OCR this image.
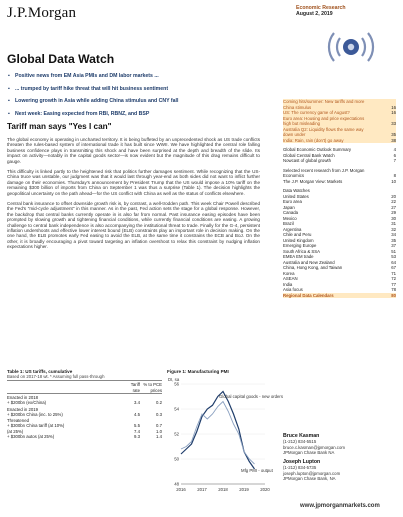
J.P.Morgan	Economic Research
August 2, 2019
Global Data Watch
▪ Positive news from EM Asia PMIs and DM labor markets ...
▪ ... trumped by tariff hike threat that will hit business sentiment
▪ Lowering growth in Asia while adding China stimulus and CNY fall
▪ Next week: Easing expected from RBI, RBNZ, and BSP
Tariff man says "Yes I can"

The global economy is operating in uncharted territory. It is being buffeted by an unprecedented shock as US trade conflicts threaten the rules-based system of international trade it has built since WWII. We have highlighted the central role falling business confidence plays in transmitting this shock and have been surprised at the depth and breadth of the slide. Its impact on activity—notably in the capital goods sector—is now evident but the magnitude of this drag remains difficult to gauge.

This difficulty is linked partly to the heightened risk that politics further damages sentiment. While recognizing that the US-China truce was unstable, our judgment was that it would last through year-end as both sides did not want to inflict further damage on their economies. Thursday's announcement by President Trump that the US would impose a 10% tariff on the remaining $300 billion of imports from China on September 1 was thus a surprise (Table 1). The decision highlights the geopolitical uncertainty on the path ahead—for the US conflict with China as well as the status of conflicts elsewhere.

Central bank insurance to offset downside growth risk is, by contrast, a well-trodden path. This week Chair Powell described the Fed's "mid-cycle adjustment" in this manner. As in the past, Fed action sets the stage for a global response. However, the backdrop that central banks currently operate in is also far from normal. Past insurance easing episodes have been prompted by slowing growth and tightening financial conditions, while currently financial conditions are easing. A growing challenge to central bank independence is also accompanying the institutional threat to trade. Finally for the G-4, persistent inflation undershoots and effective lower interest bound (ELB) constraints play an important role in decision making. On the one hand, the ELB promotes early Fed easing to avoid the ELB, at the same time it constrains the ECB and BoJ. On the other, it is broadly encouraging a pivot toward targeting an inflation overshoot to relax this constraint by nudging inflation expectations higher.

Table 1: US tariffs, cumulative
Based on 2017-18 wt. * Assuming full pass-through
Tariff
rate
% to PCE
prices
Enacted in 2018
+ $200bn (ex/China)	3.4	0.2
Enacted in 2019
+ $200bn China (inc. to 25%)	4.5	0.3
Threatened
+ $300bn China tariff (at 10%)	5.5	0.7
(at 25%)	7.4	1.0
+ $300bn autos (at 25%)	9.3	1.4
Figure 1: Manufacturing PMI
DI, sa
48
50
52
54
56
2016	2017	2018	2019	2020
Global capital goods - new orders
Mfg PMI - output
Coming hits/summer: New tariffs and more
China stimulus	16
US: The currency game of August?	16
Euro area: Housing and price expectations
high but misleading	33
Australia Q2: Liquidity flows the same way
down under	35
India: Rain, rain (don't) go away	38
Global Economic Outlook Summary	4
Global Central Bank Watch	6
Nowcast of global growth	7
Selected recent research from J.P. Morgan
Economics	8
The J.P. Morgan View: Markets	10
Data Watches
United States	20
Euro area	22
Japan	27
Canada	29
Mexico	30
Brazil	31
Argentina	32
Chile and Peru	34
United Kingdom	35
Emerging Europe	37
South Africa & SSA	51
EMEA EM trade	53
Australia and New Zealand	64
China, Hong Kong, and Taiwan	67
Korea	71
ASEAN	72
India	77
Asia focus	78
Regional Data Calendars	80
Bruce Kasman
(1-212) 834-5515
bruce.c.kasman@jpmorgan.com
JPMorgan Chase Bank NA
Joseph Lupton
(1-212) 834-5735
joseph.lupton@jpmorgan.com
JPMorgan Chase Bank, NA
www.jpmorganmarkets.com
